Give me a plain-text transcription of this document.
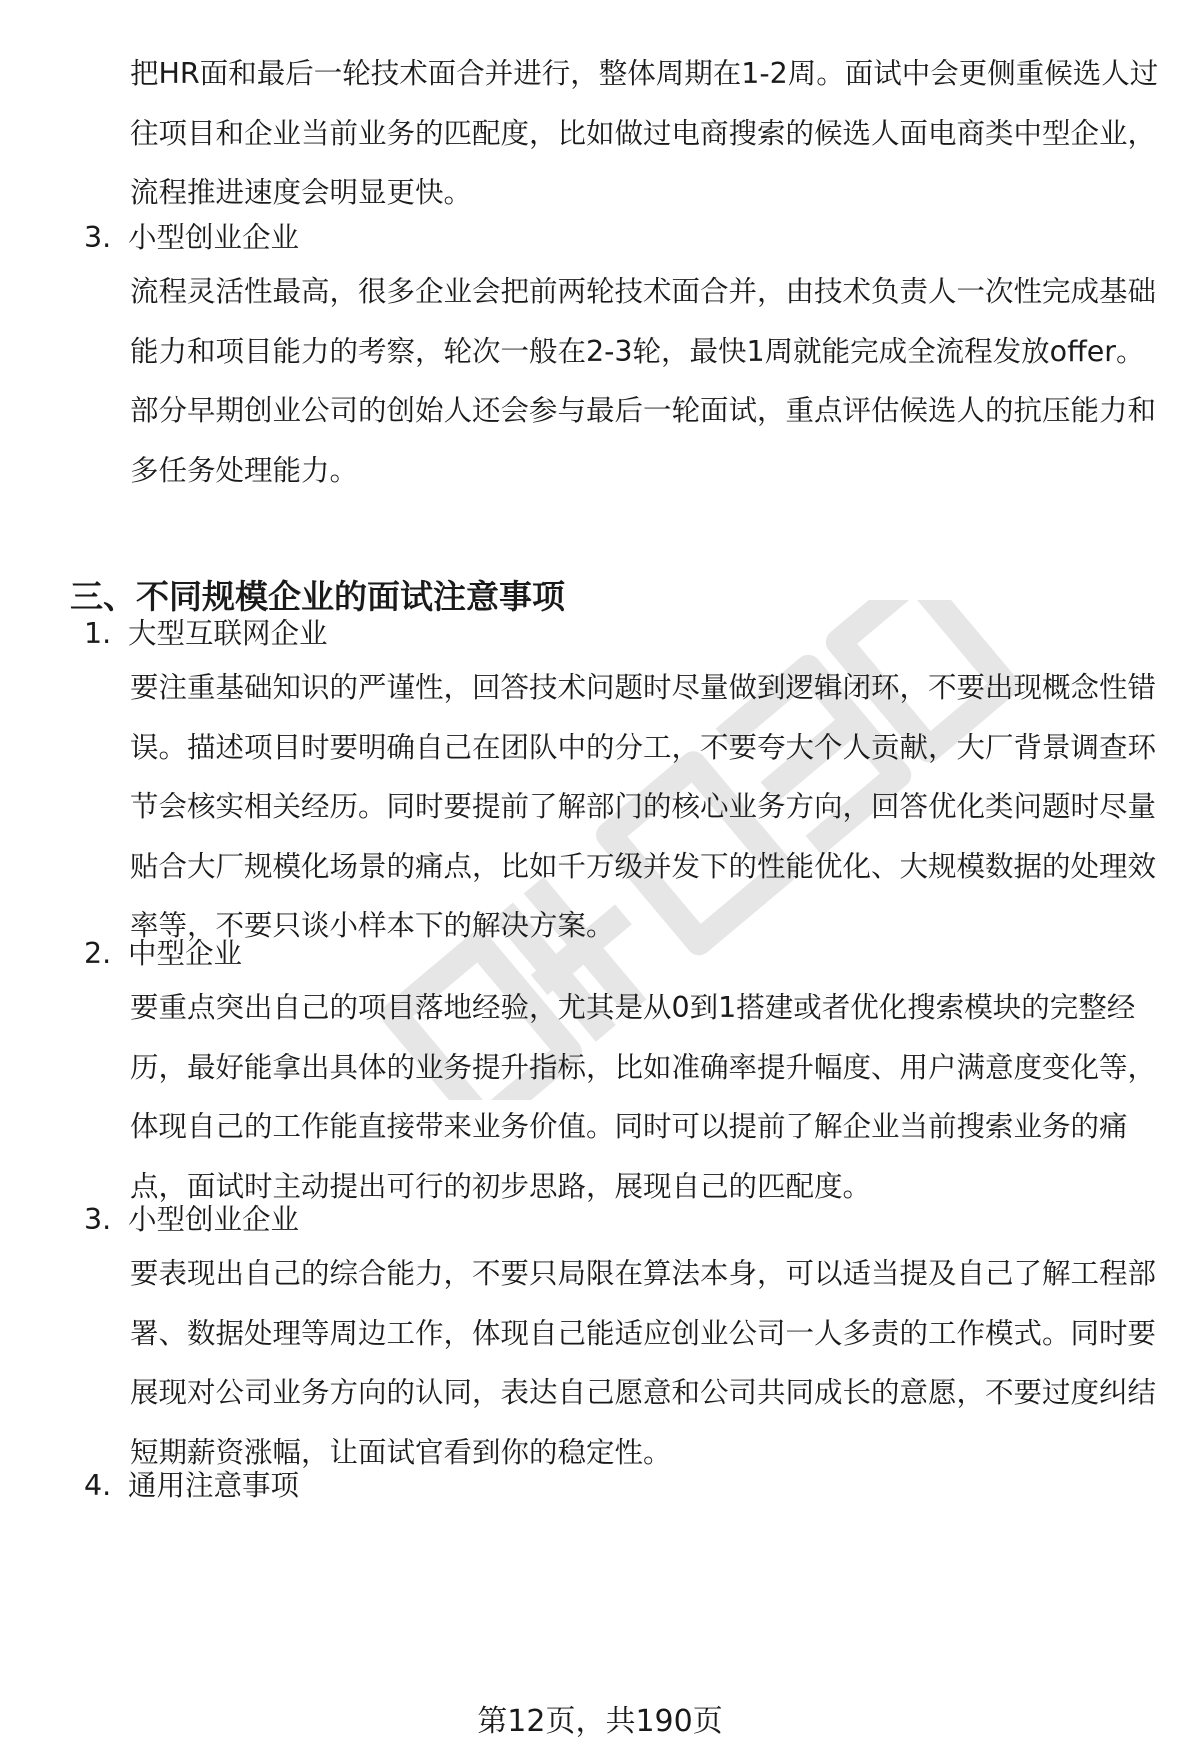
把HR面和最后一轮技术面合并进行，整体周期在1-2周。面试中会更侧重候选人过往项目和企业当前业务的匹配度，比如做过电商搜索的候选人面电商类中型企业，流程推进速度会明显更快。

3. 小型创业企业

流程灵活性最高，很多企业会把前两轮技术面合并，由技术负责人一次性完成基础能力和项目能力的考察，轮次一般在2-3轮，最快1周就能完成全流程发放offer。部分早期创业公司的创始人还会参与最后一轮面试，重点评估候选人的抗压能力和多任务处理能力。

三、不同规模企业的面试注意事项

1. 大型互联网企业

要注重基础知识的严谨性，回答技术问题时尽量做到逻辑闭环，不要出现概念性错误。描述项目时要明确自己在团队中的分工，不要夸大个人贡献，大厂背景调查环节会核实相关经历。同时要提前了解部门的核心业务方向，回答优化类问题时尽量贴合大厂规模化场景的痛点，比如千万级并发下的性能优化、大规模数据的处理效率等，不要只谈小样本下的解决方案。

2. 中型企业

要重点突出自己的项目落地经验，尤其是从0到1搭建或者优化搜索模块的完整经历，最好能拿出具体的业务提升指标，比如准确率提升幅度、用户满意度变化等，体现自己的工作能直接带来业务价值。同时可以提前了解企业当前搜索业务的痛点，面试时主动提出可行的初步思路，展现自己的匹配度。

3. 小型创业企业

要表现出自己的综合能力，不要只局限在算法本身，可以适当提及自己了解工程部署、数据处理等周边工作，体现自己能适应创业公司一人多责的工作模式。同时要展现对公司业务方向的认同，表达自己愿意和公司共同成长的意愿，不要过度纠结短期薪资涨幅，让面试官看到你的稳定性。

4. 通用注意事项

第12页，共190页
